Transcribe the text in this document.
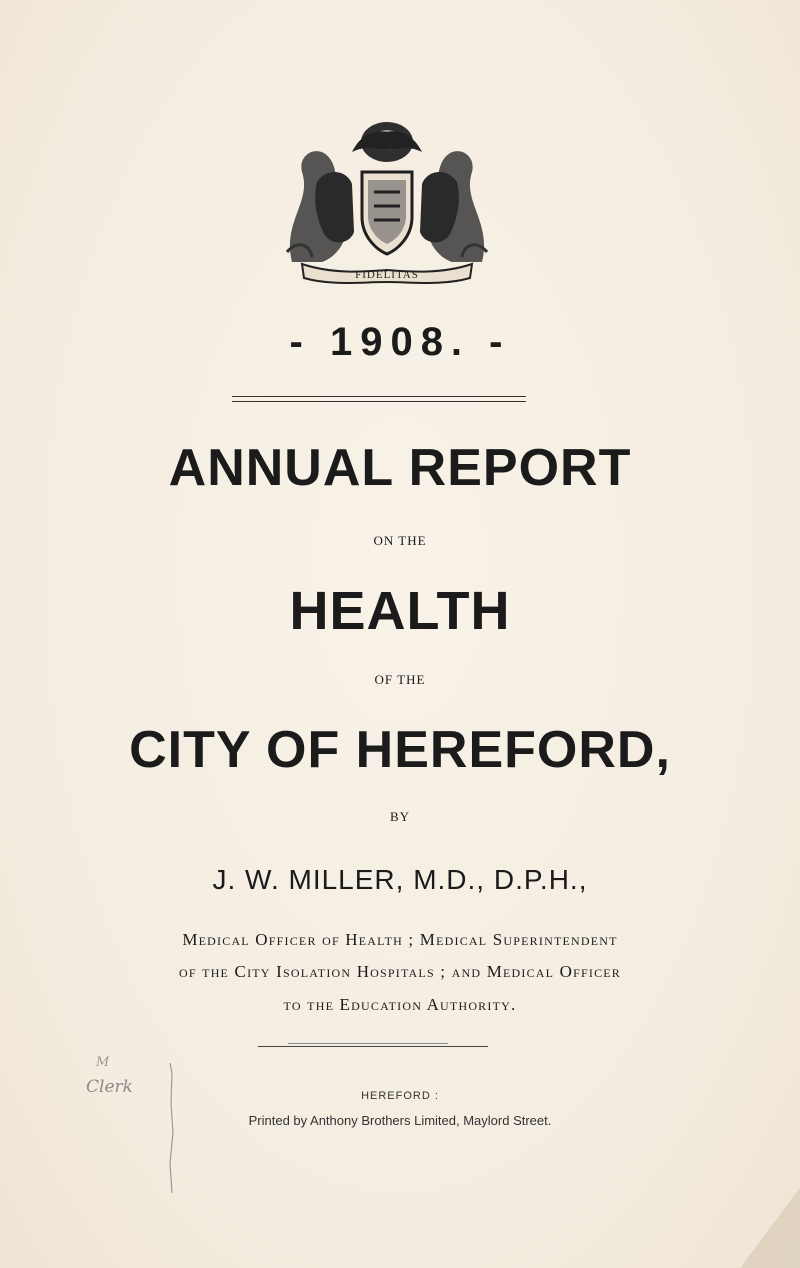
FIDELITAS
- 1908. -
ANNUAL REPORT
ON THE
HEALTH
OF THE
CITY OF HEREFORD,
BY
J. W. MILLER, M.D., D.P.H.,
Medical Officer of Health ; Medical Superintendent
of the City Isolation Hospitals ; and Medical Officer
to the Education Authority.
M
Clerk	HEREFORD :
Printed by Anthony Brothers Limited, Maylord Street.
